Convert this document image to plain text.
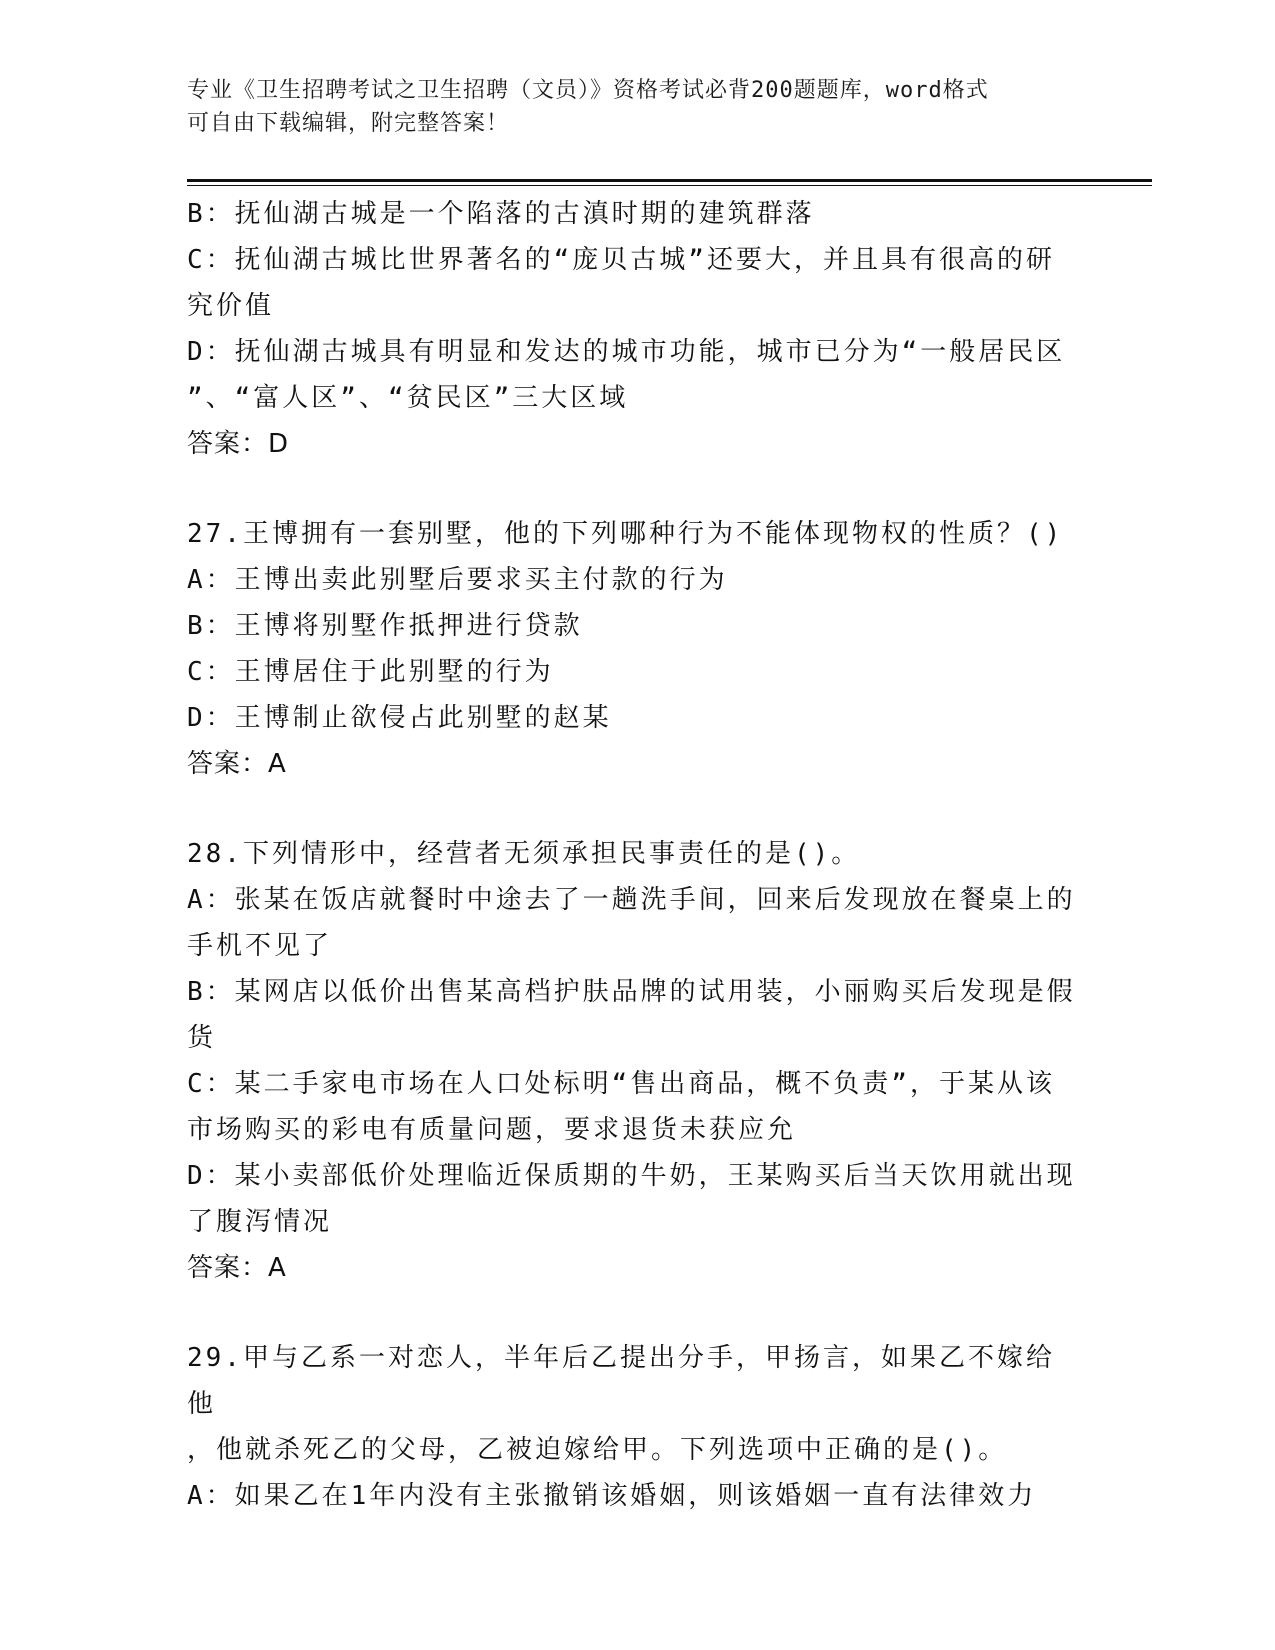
专业《卫生招聘考试之卫生招聘（文员）》资格考试必背200题题库，word格式
可自由下载编辑，附完整答案！
B：抚仙湖古城是一个陷落的古滇时期的建筑群落
C：抚仙湖古城比世界著名的“庞贝古城”还要大，并且具有很高的研
究价值
D：抚仙湖古城具有明显和发达的城市功能，城市已分为“一般居民区
”、“富人区”、“贫民区”三大区域
答案：D
27.王博拥有一套别墅，他的下列哪种行为不能体现物权的性质？()
A：王博出卖此别墅后要求买主付款的行为
B：王博将别墅作抵押进行贷款
C：王博居住于此别墅的行为
D：王博制止欲侵占此别墅的赵某
答案：A
28.下列情形中，经营者无须承担民事责任的是()。
A：张某在饭店就餐时中途去了一趟洗手间，回来后发现放在餐桌上的
手机不见了
B：某网店以低价出售某高档护肤品牌的试用装，小丽购买后发现是假
货
C：某二手家电市场在人口处标明“售出商品，概不负责”，于某从该
市场购买的彩电有质量问题，要求退货未获应允
D：某小卖部低价处理临近保质期的牛奶，王某购买后当天饮用就出现
了腹泻情况
答案：A
29.甲与乙系一对恋人，半年后乙提出分手，甲扬言，如果乙不嫁给他
，他就杀死乙的父母，乙被迫嫁给甲。下列选项中正确的是()。
A：如果乙在1年内没有主张撤销该婚姻，则该婚姻一直有法律效力
